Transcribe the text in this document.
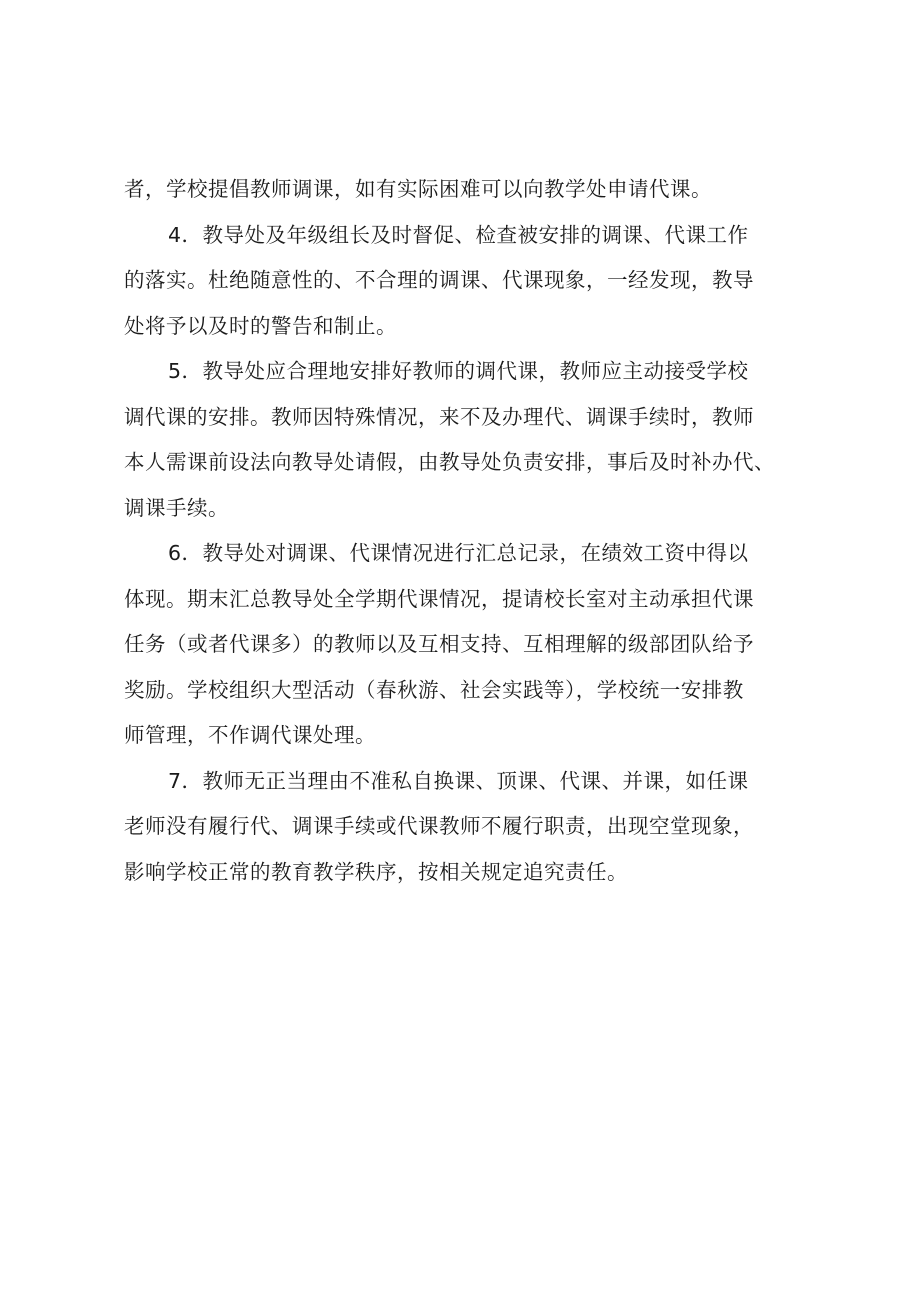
者，学校提倡教师调课，如有实际困难可以向教学处申请代课。

4．教导处及年级组长及时督促、检查被安排的调课、代课工作
的落实。杜绝随意性的、不合理的调课、代课现象，一经发现，教导
处将予以及时的警告和制止。

5．教导处应合理地安排好教师的调代课，教师应主动接受学校
调代课的安排。教师因特殊情况，来不及办理代、调课手续时，教师
本人需课前设法向教导处请假，由教导处负责安排，事后及时补办代、
调课手续。

6．教导处对调课、代课情况进行汇总记录，在绩效工资中得以
体现。期末汇总教导处全学期代课情况，提请校长室对主动承担代课
任务（或者代课多）的教师以及互相支持、互相理解的级部团队给予
奖励。学校组织大型活动（春秋游、社会实践等），学校统一安排教
师管理，不作调代课处理。

7．教师无正当理由不准私自换课、顶课、代课、并课，如任课
老师没有履行代、调课手续或代课教师不履行职责，出现空堂现象，
影响学校正常的教育教学秩序，按相关规定追究责任。
